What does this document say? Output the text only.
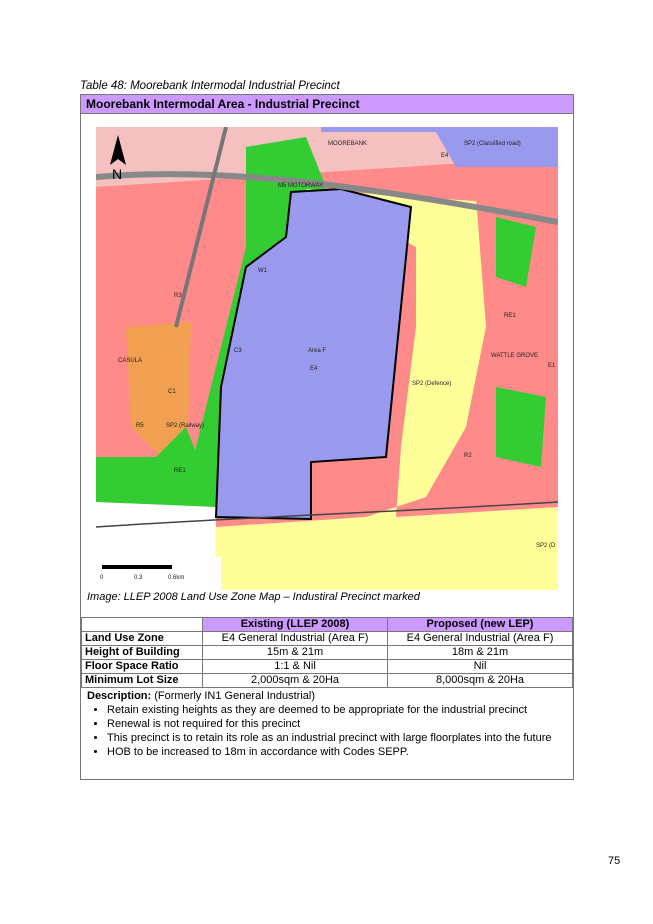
Table 48: Moorebank Intermodal Industrial Precinct
Moorebank Intermodal Area - Industrial Precinct
N
MOOREBANK
CASULA
WATTLE GROVE
Area F
E4
E4
SP2 (Defence)
SP2 (Railway)
SP2 (Classified road)
SP2 (D
RE1
RE1
R3
R2
C1
C3
W1
M5 MOTORWAY
E1
R5
0	0.3	0.6km
Image: LLEP 2008 Land Use Zone Map – Industiral Precinct marked
	Existing (LLEP 2008)	Proposed (new LEP)
Land Use Zone	E4 General Industrial (Area F)	E4 General Industrial (Area F)
Height of Building	15m & 21m	18m & 21m
Floor Space Ratio	1:1 & Nil	Nil
Minimum Lot Size	2,000sqm & 20Ha	8,000sqm & 20Ha
Description: (Formerly IN1 General Industrial)
• Retain existing heights as they are deemed to be appropriate for the industrial precinct
• Renewal is not required for this precinct
• This precinct is to retain its role as an industrial precinct with large floorplates into the future
• HOB to be increased to 18m in accordance with Codes SEPP.
75
